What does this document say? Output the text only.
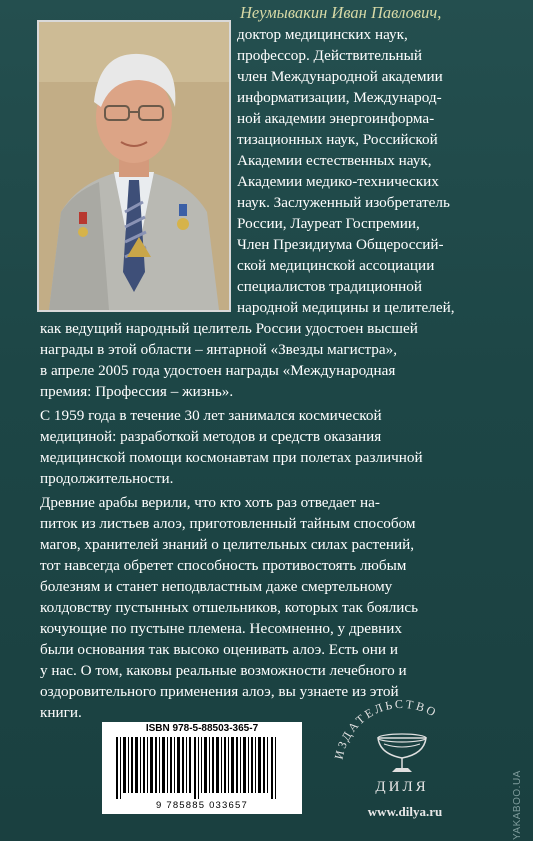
Неумывакин Иван Павлович,
доктор медицинских наук,
профессор. Действительный
член Международной академии
информатизации, Международ-
ной академии энергоинформа-
тизационных наук, Российской
Академии естественных наук,
Академии медико-технических
наук. Заслуженный изобретатель
России, Лауреат Госпремии,
Член Президиума Общероссий-
ской медицинской ассоциации
специалистов традиционной
народной медицины и целителей,
как ведущий народный целитель России удостоен высшей
награды в этой области – янтарной «Звезды магистра»,
в апреле 2005 года удостоен награды «Международная
премия: Профессия – жизнь».
С 1959 года в течение 30 лет занимался космической
медициной: разработкой методов и средств оказания
медицинской помощи космонавтам при полетах различной
продолжительности.
Древние арабы верили, что кто хоть раз отведает на-
питок из листьев алоэ, приготовленный тайным способом
магов, хранителей знаний о целительных силах растений,
тот навсегда обретет способность противостоять любым
болезням и станет неподвластным даже смертельному
колдовству пустынных отшельников, которых так боялись
кочующие по пустыне племена. Несомненно, у древних
были основания так высоко оценивать алоэ. Есть они и
у нас. О том, каковы реальные возможности лечебного и
оздоровительного применения алоэ, вы узнаете из этой
книги.
ISBN 978-5-88503-365-7
9 785885 033657
ИЗДАТЕЛЬСТВО
ДИЛЯ
www.dilya.ru	YAKABOO.UA
